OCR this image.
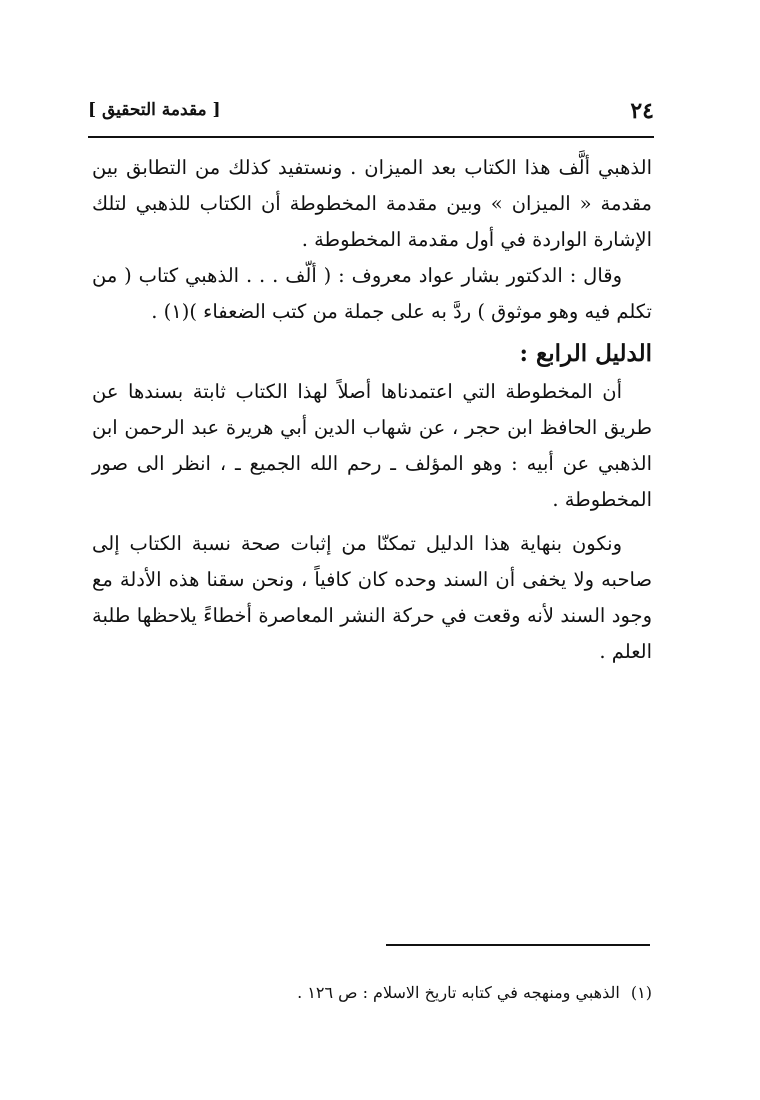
٢٤
[ مقدمة التحقيق ]

الذهبي ألَّف هذا الكتاب بعد الميزان . ونستفيد كذلك من التطابق بين مقدمة « الميزان » وبين مقدمة المخطوطة أن الكتاب للذهبي لتلك الإشارة الواردة في أول مقدمة المخطوطة .

وقال : الدكتور بشار عواد معروف : ( ألّف . . . الذهبي كتاب ( من تكلم فيه وهو موثوق ) ردَّ به على جملة من كتب الضعفاء )(١) .

الدليل الرابع :

أن المخطوطة التي اعتمدناها أصلاً لهذا الكتاب ثابتة بسندها عن طريق الحافظ ابن حجر ، عن شهاب الدين أبي هريرة عبد الرحمن ابن الذهبي عن أبيه : وهو المؤلف ـ رحم الله الجميع ـ ، انظر الى صور المخطوطة .

ونكون بنهاية هذا الدليل تمكنّا من إثبات صحة نسبة الكتاب إلى صاحبه ولا يخفى أن السند وحده كان كافياً ، ونحن سقنا هذه الأدلة مع وجود السند لأنه وقعت في حركة النشر المعاصرة أخطاءً يلاحظها طلبة العلم .

(١) الذهبي ومنهجه في كتابه تاريخ الاسلام : ص ١٢٦ .
